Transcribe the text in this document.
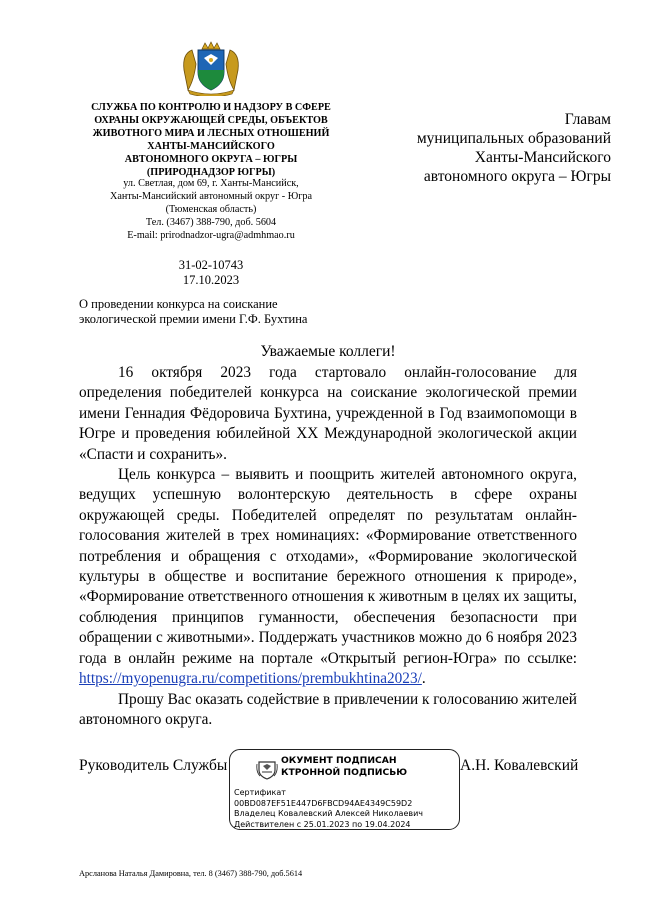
СЛУЖБА ПО КОНТРОЛЮ И НАДЗОРУ В СФЕРЕ
ОХРАНЫ ОКРУЖАЮЩЕЙ СРЕДЫ, ОБЪЕКТОВ
ЖИВОТНОГО МИРА И ЛЕСНЫХ ОТНОШЕНИЙ
ХАНТЫ-МАНСИЙСКОГО
АВТОНОМНОГО ОКРУГА – ЮГРЫ
(ПРИРОДНАДЗОР ЮГРЫ)
ул. Светлая, дом 69, г. Ханты-Мансийск,
Ханты-Мансийский автономный округ - Югра
(Тюменская область)
Тел. (3467) 388-790, доб. 5604
E-mail: prirodnadzor-ugra@admhmao.ru
31-02-10743
17.10.2023
Главам
муниципальных образований
Ханты-Мансийского
автономного округа – Югры
О проведении конкурса на соискание
экологической премии имени Г.Ф. Бухтина
Уважаемые коллеги!

16 октября 2023 года стартовало онлайн-голосование для определения победителей конкурса на соискание экологической премии имени Геннадия Фёдоровича Бухтина, учрежденной в Год взаимопомощи в Югре и проведения юбилейной XX Международной экологической акции «Спасти и сохранить».

Цель конкурса – выявить и поощрить жителей автономного округа, ведущих успешную волонтерскую деятельность в сфере охраны окружающей среды. Победителей определят по результатам онлайн-голосования жителей в трех номинациях: «Формирование ответственного потребления и обращения с отходами», «Формирование экологической культуры в обществе и воспитание бережного отношения к природе», «Формирование ответственного отношения к животным в целях их защиты, соблюдения принципов гуманности, обеспечения безопасности при обращении с животными». Поддержать участников можно до 6 ноября 2023 года в онлайн режиме на портале «Открытый регион-Югра» по ссылке: https://myopenugra.ru/competitions/prembukhtina2023/.

Прошу Вас оказать содействие в привлечении к голосованию жителей автономного округа.

Руководитель Службы	А.Н. Ковалевский
ОКУМЕНТ ПОДПИСАН
КТРОННОЙ ПОДПИСЬЮ
Сертификат
00BD087EF51E447D6FBCD94AE4349C59D2
Владелец Ковалевский Алексей Николаевич
Действителен с 25.01.2023 по 19.04.2024
Арсланова Наталья Дамировна, тел. 8 (3467) 388-790, доб.5614
